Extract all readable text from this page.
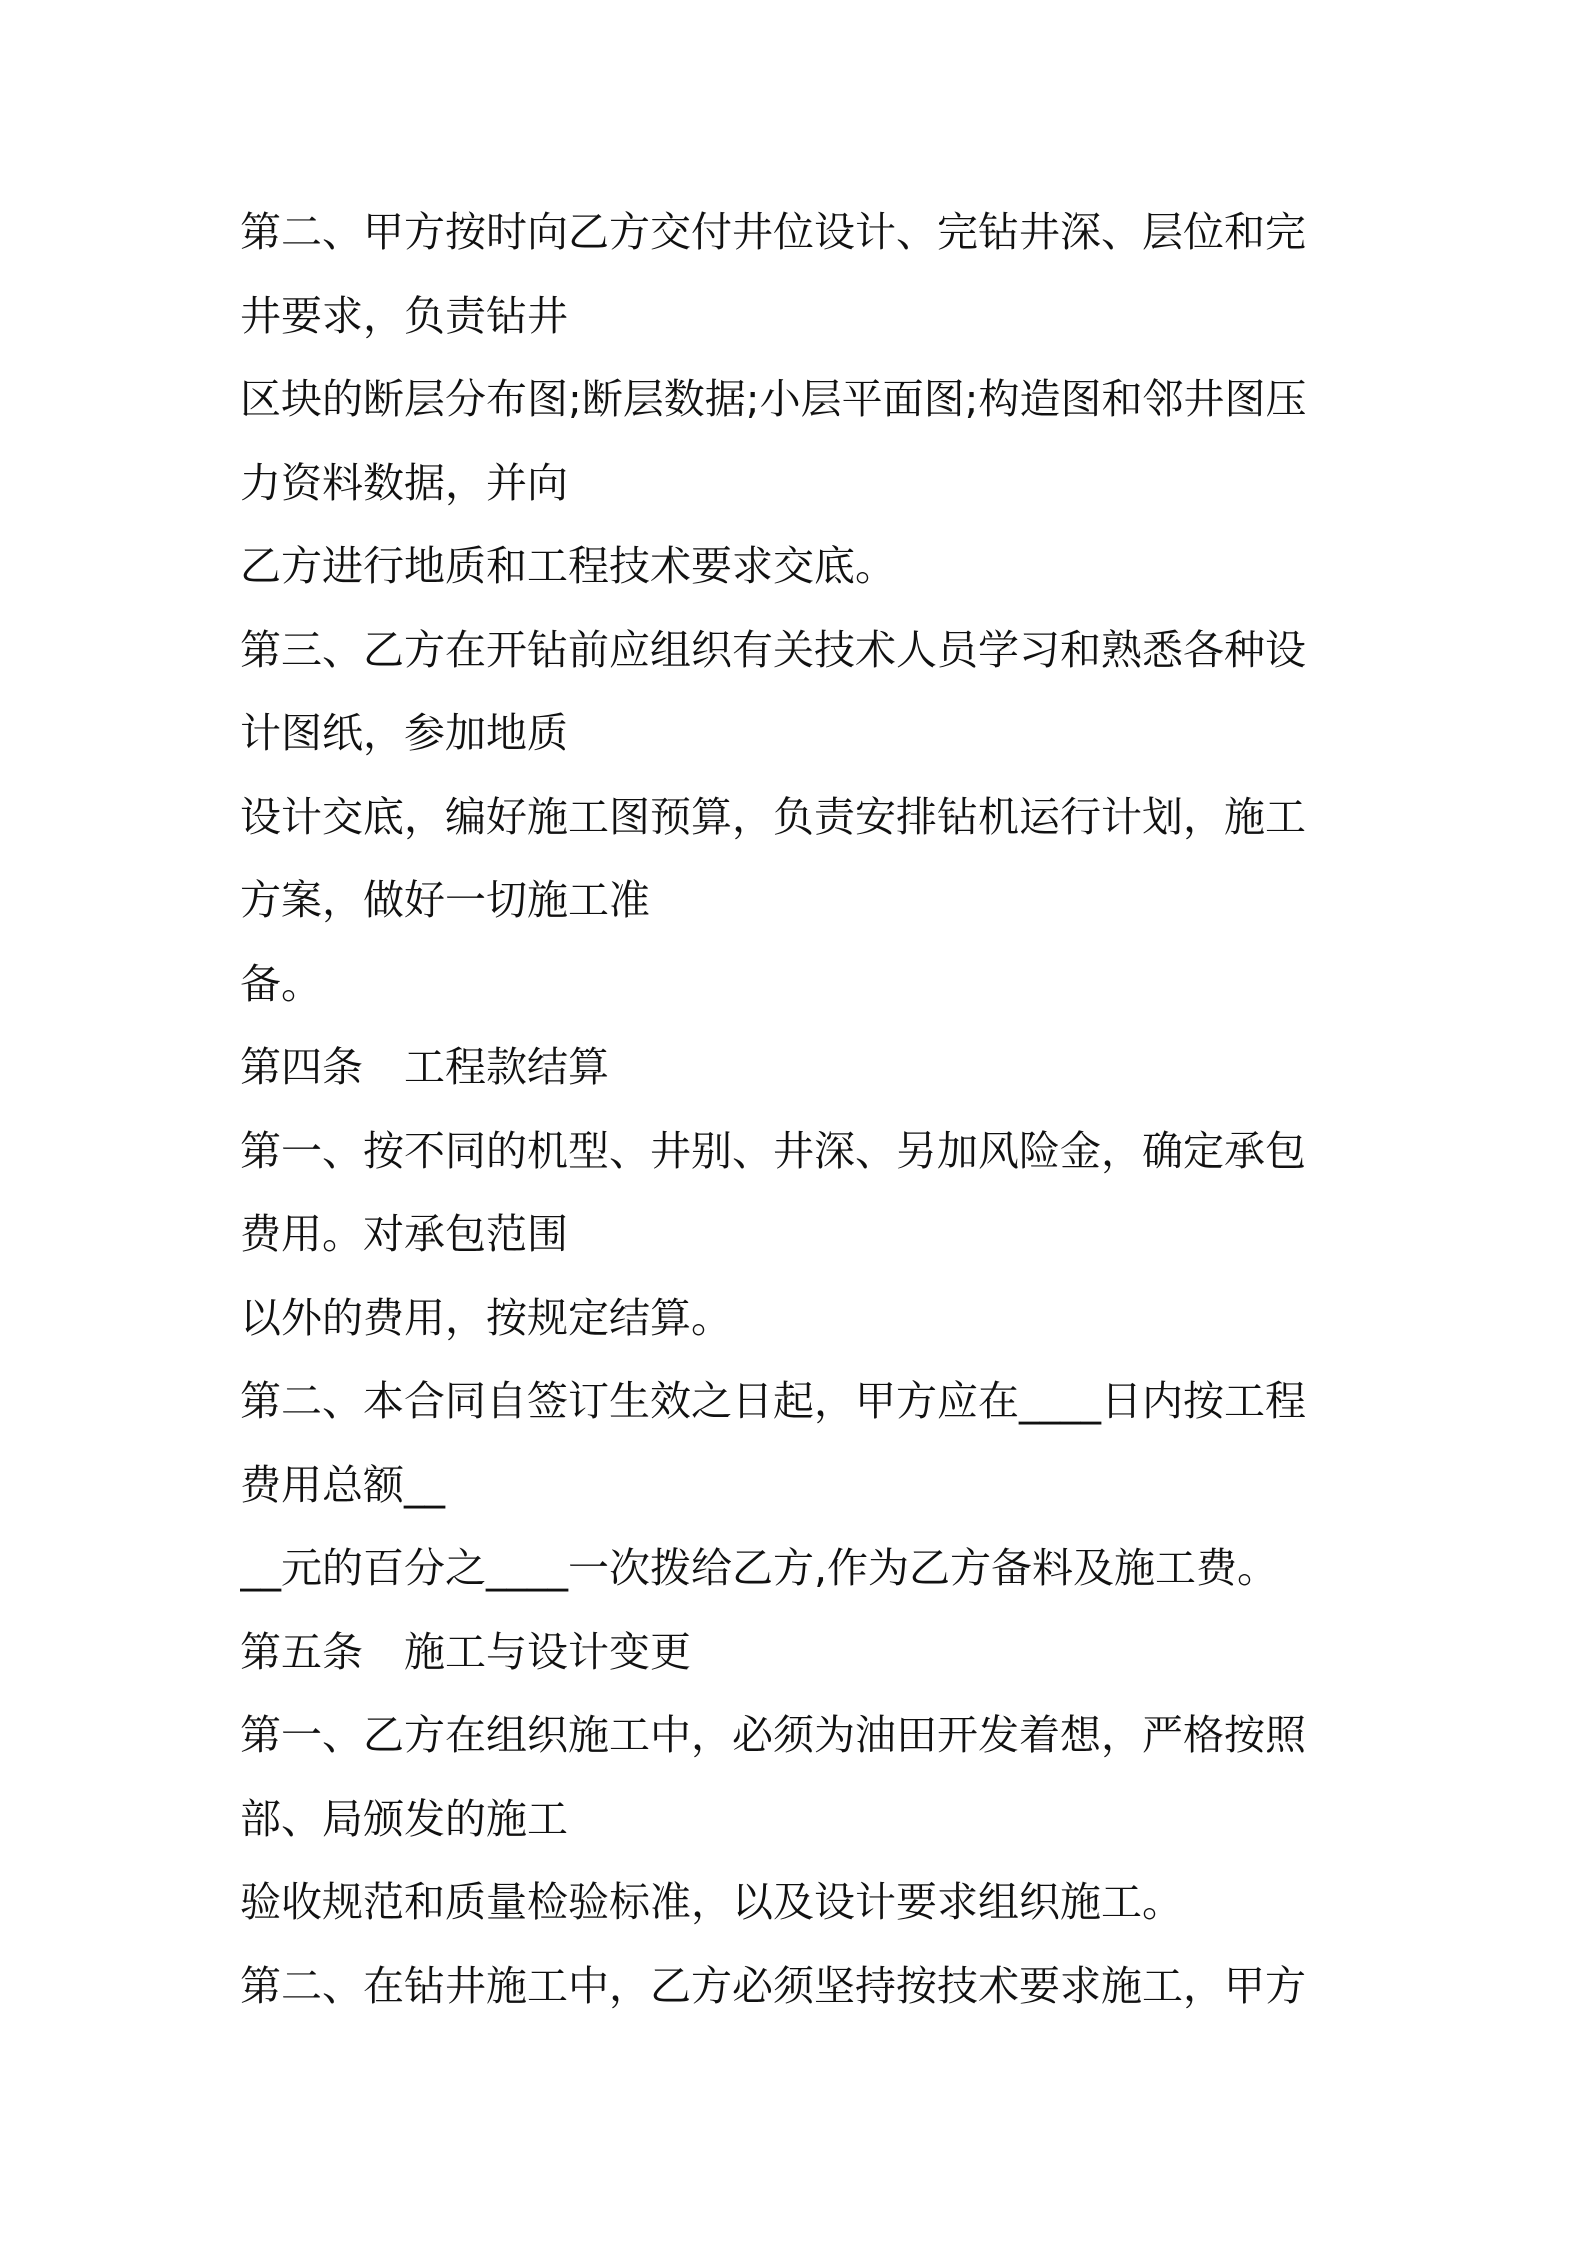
第二、甲方按时向乙方交付井位设计、完钻井深、层位和完
井要求，负责钻井
区块的断层分布图;断层数据;小层平面图;构造图和邻井图压
力资料数据，并向
乙方进行地质和工程技术要求交底。
第三、乙方在开钻前应组织有关技术人员学习和熟悉各种设
计图纸，参加地质
设计交底，编好施工图预算，负责安排钻机运行计划，施工
方案，做好一切施工准
备。
第四条　工程款结算
第一、按不同的机型、井别、井深、另加风险金，确定承包
费用。对承包范围
以外的费用，按规定结算。
第二、本合同自签订生效之日起，甲方应在____日内按工程
费用总额__
__元的百分之____一次拨给乙方,作为乙方备料及施工费。
第五条　施工与设计变更
第一、乙方在组织施工中，必须为油田开发着想，严格按照
部、局颁发的施工
验收规范和质量检验标准，以及设计要求组织施工。
第二、在钻井施工中，乙方必须坚持按技术要求施工，甲方
